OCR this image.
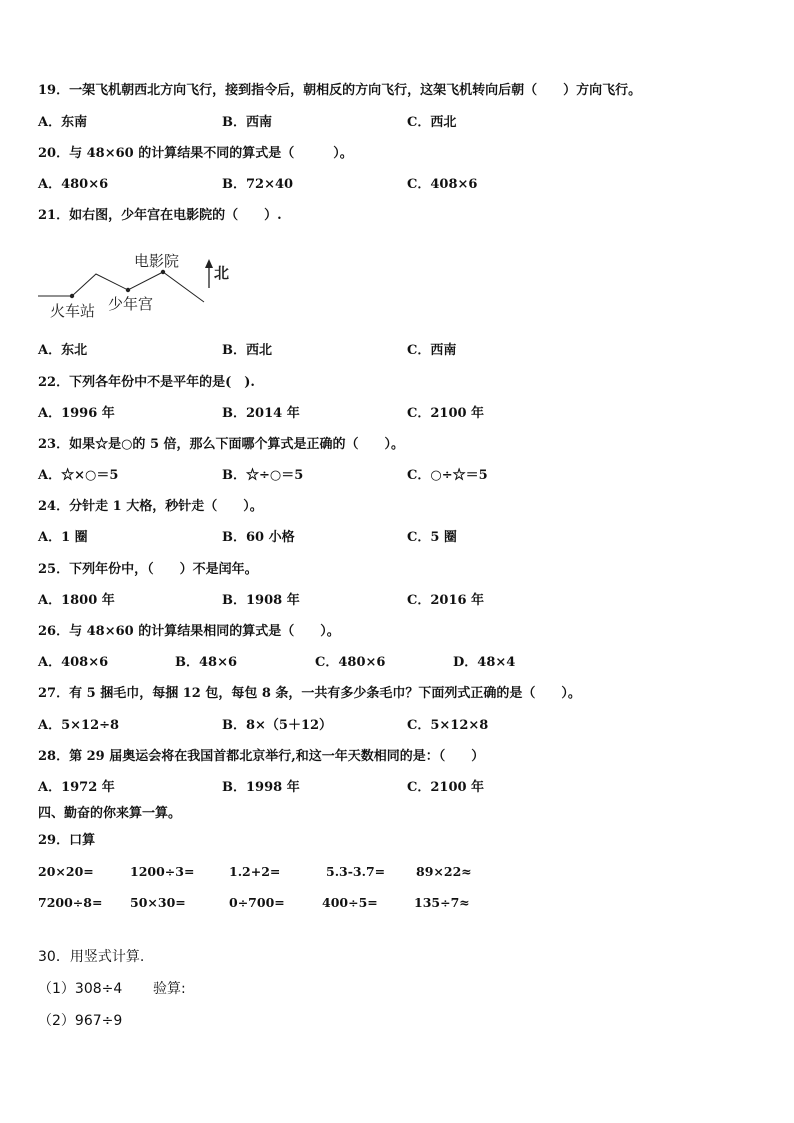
19．一架飞机朝西北方向飞行，接到指令后，朝相反的方向飞行，这架飞机转向后朝（　　）方向飞行。
A．东南	B．西南	C．西北
20．与 48×60 的计算结果不同的算式是（　　　）。
A．480×6	B．72×40	C．408×6
21．如右图，少年宫在电影院的（　　）.
火车站 少年宫
电影院
北
A．东北	B．西北	C．西南
22．下列各年份中不是平年的是(　).
A．1996 年	B．2014 年	C．2100 年
23．如果☆是○的 5 倍，那么下面哪个算式是正确的（　　）。
A．☆×○＝5	B．☆÷○＝5	C．○÷☆＝5
24．分针走 1 大格，秒针走（　　）。
A．1 圈	B．60 小格	C．5 圈
25．下列年份中，（　　）不是闰年。
A．1800 年	B．1908 年	C．2016 年
26．与 48×60 的计算结果相同的算式是（　　）。
A．408×6	B．48×6	C．480×6	D．48×4
27．有 5 捆毛巾，每捆 12 包，每包 8 条，一共有多少条毛巾？下面列式正确的是（　　）。
A．5×12÷8	B．8×（5＋12）	C．5×12×8
28．第 29 届奥运会将在我国首都北京举行,和这一年天数相同的是：（　　）
A．1972 年	B．1998 年	C．2100 年
四、勤奋的你来算一算。
29．口算
20×20=	1200÷3=	1.2+2=	5.3-3.7= 89×22≈
7200÷8= 50×30=	0÷700=	400÷5=	135÷7≈
30．用竖式计算.
（1）308÷4 验算:
（2）967÷9
